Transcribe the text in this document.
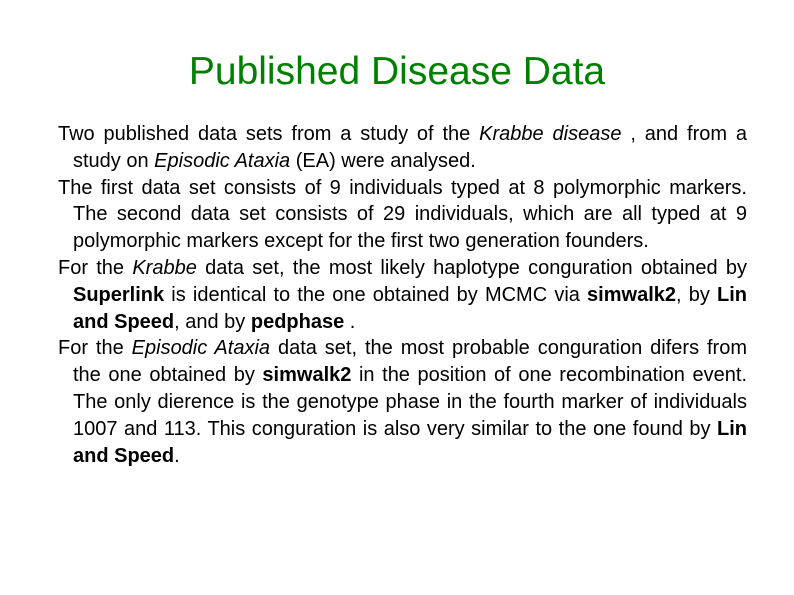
Published Disease Data

Two published data sets from a study of the Krabbe disease , and from a study on Episodic Ataxia (EA) were analysed.

The first data set consists of 9 individuals typed at 8 polymorphic markers. The second data set consists of 29 individuals, which are all typed at 9 polymorphic markers except for the first two generation founders.

For the Krabbe data set, the most likely haplotype conguration obtained by Superlink is identical to the one obtained by MCMC via simwalk2, by Lin and Speed, and by pedphase .

For the Episodic Ataxia data set, the most probable conguration difers from the one obtained by simwalk2 in the position of one recombination event. The only dierence is the genotype phase in the fourth marker of individuals 1007 and 113. This conguration is also very similar to the one found by Lin and Speed.
